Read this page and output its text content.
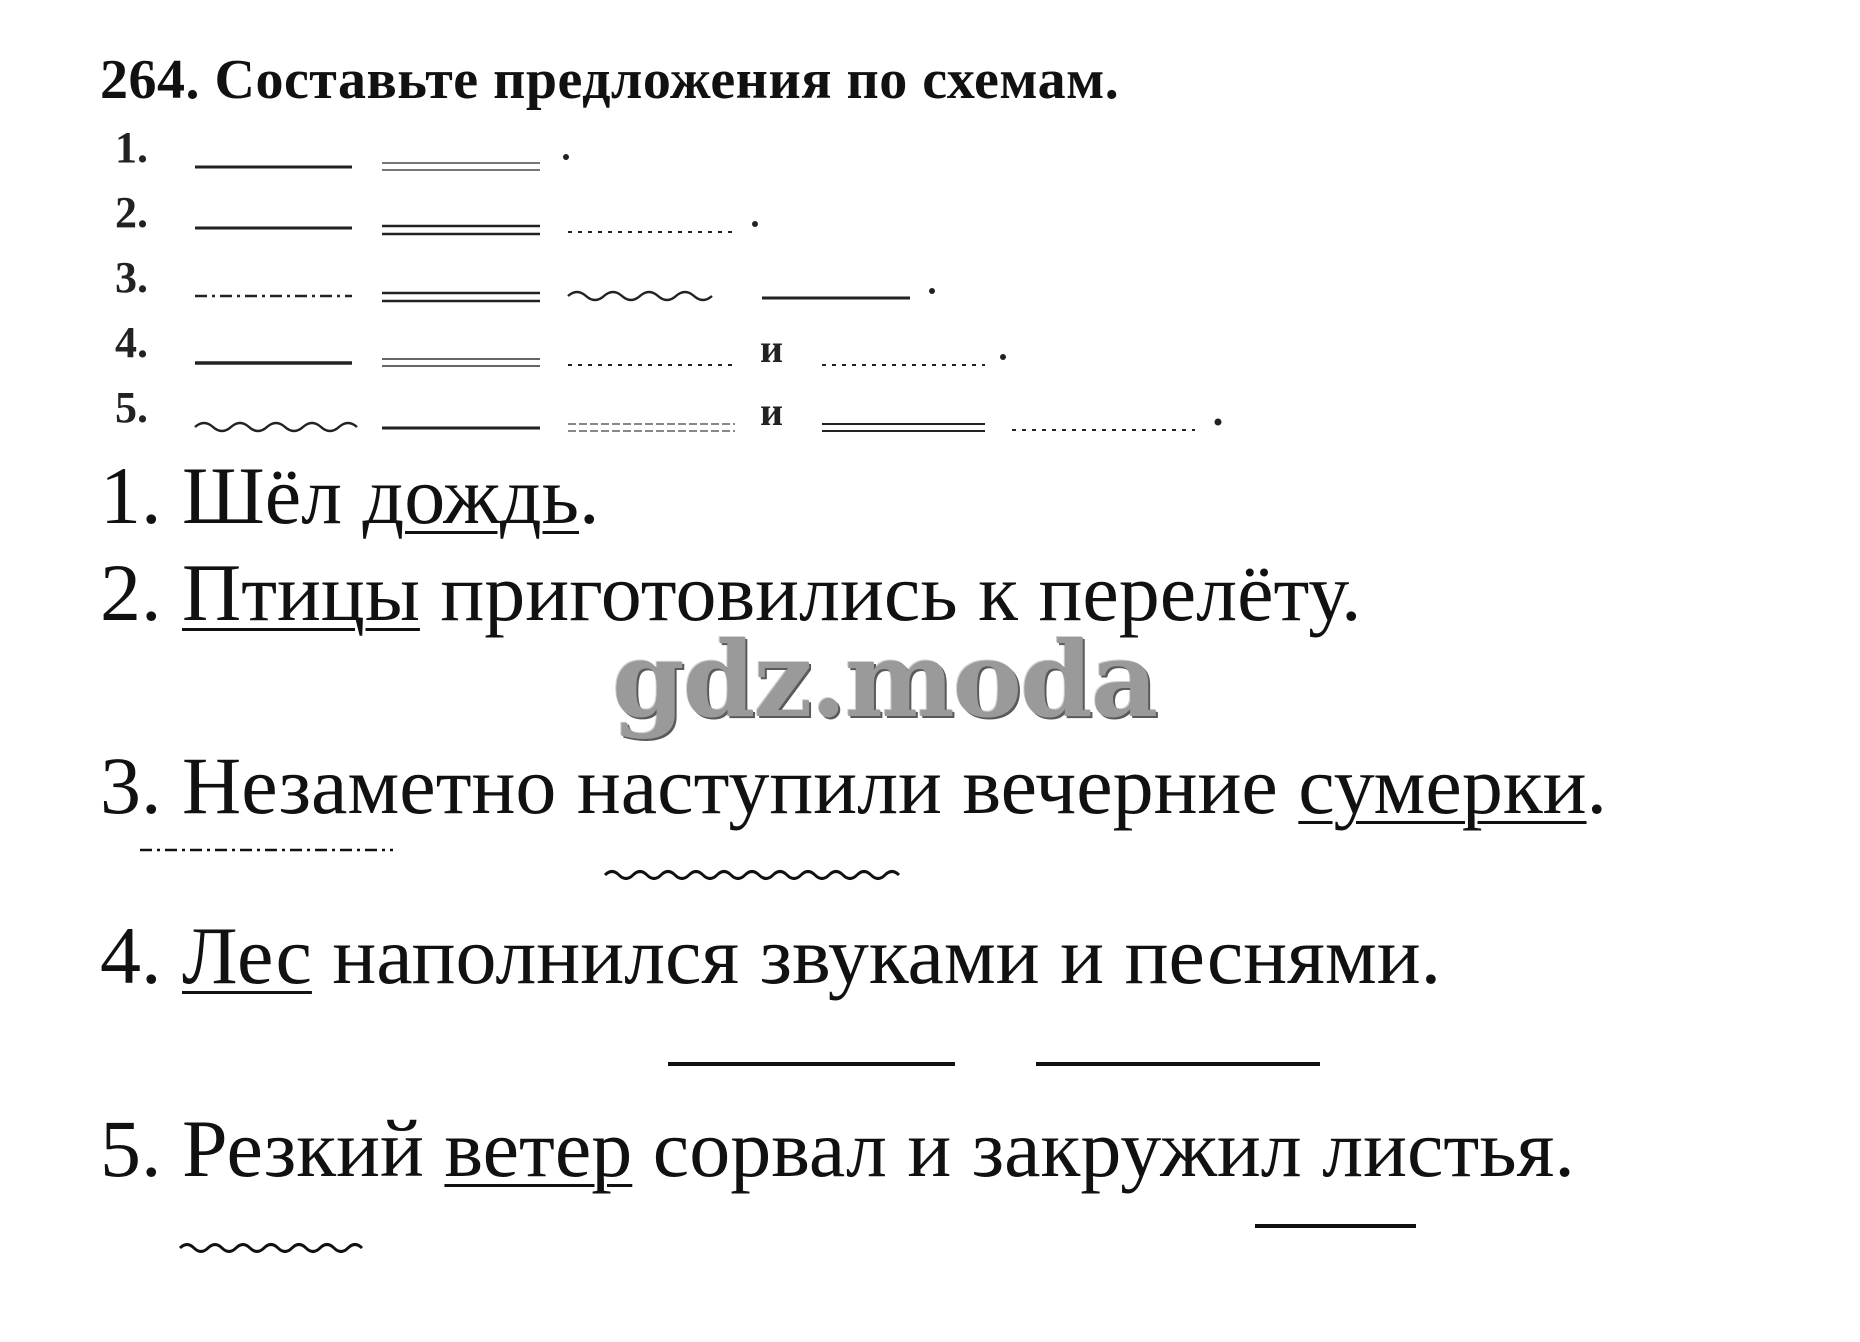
264. Составьте предложения по схемам.
1.
2.
3.
4.
5.
и
и
1. Шёл дождь.
2. Птицы приготовились к перелёту.
3. Незаметно наступили вечерние сумерки.
4. Лес наполнился звуками и песнями.
5. Резкий ветер сорвал и закружил листья.
gdz.moda
